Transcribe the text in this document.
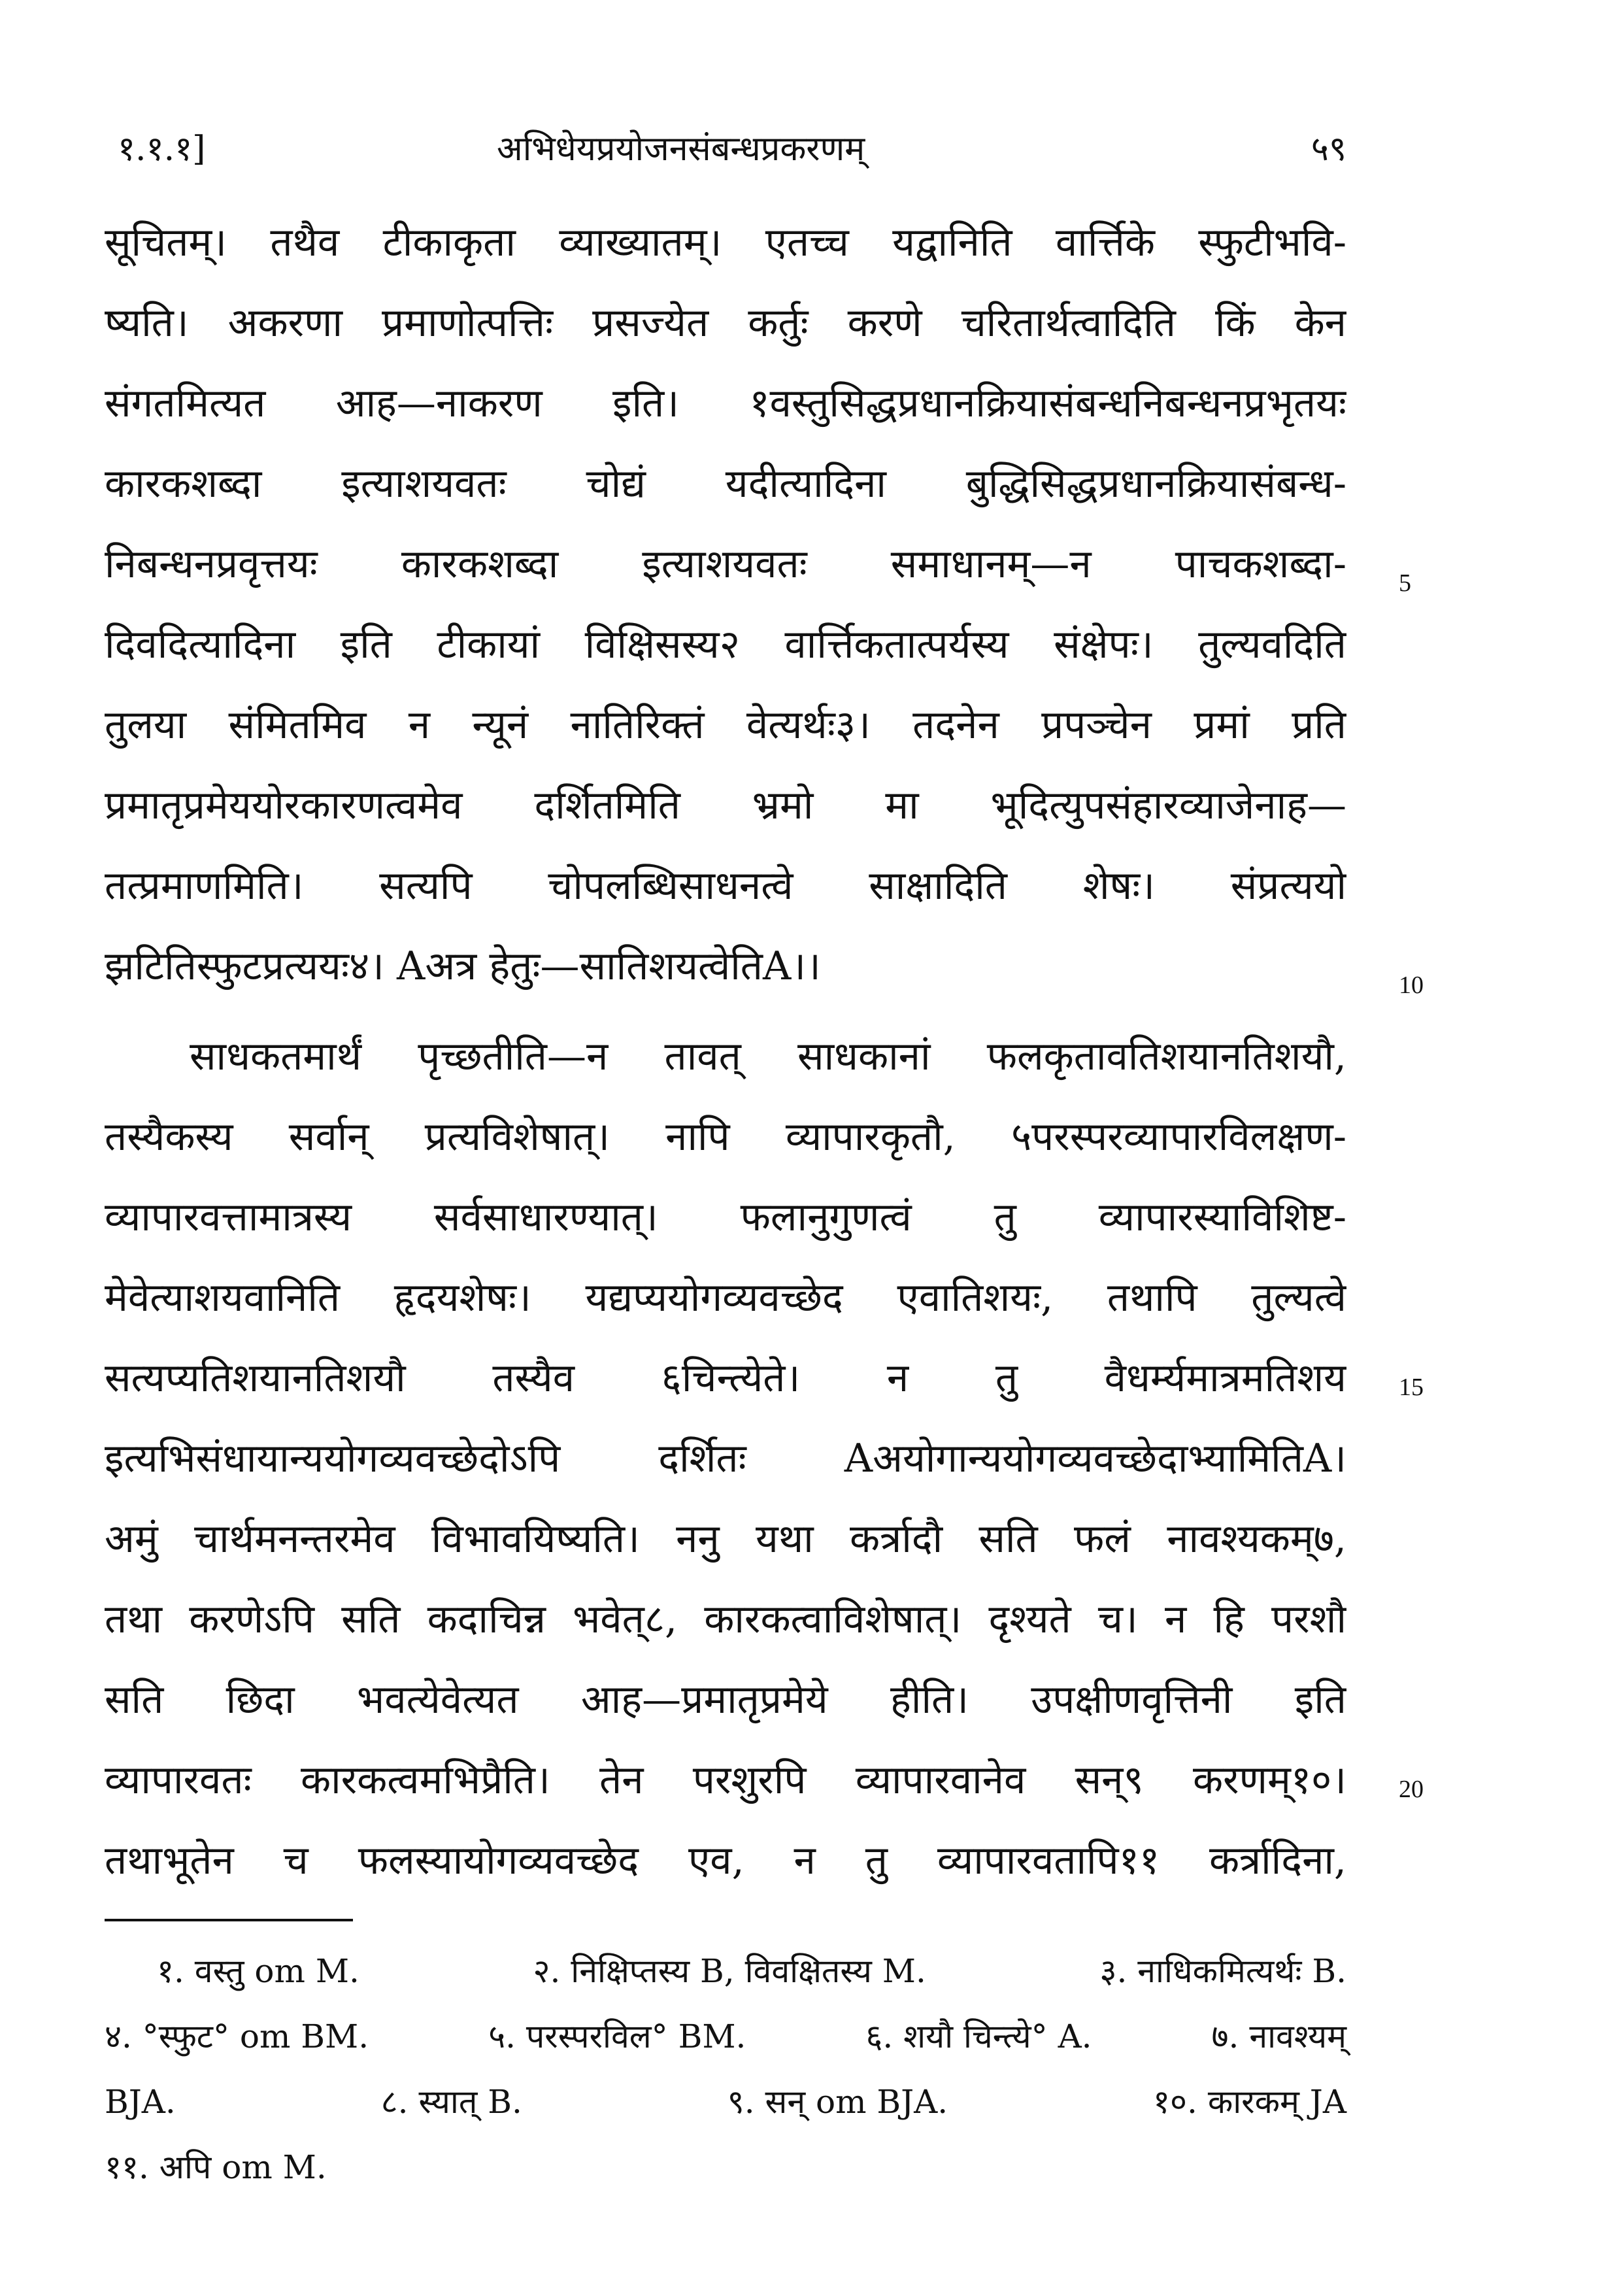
१.१.१]	अभिधेयप्रयोजनसंबन्धप्रकरणम्	५९
सूचितम्। तथैव टीकाकृता व्याख्यातम्। एतच्च यद्वानिति वार्त्तिके स्फुटीभवि-
ष्यति। अकरणा प्रमाणोत्पत्तिः प्रसज्येत कर्तुः करणे चरितार्थत्वादिति किं केन
संगतमित्यत आह—नाकरण इति। १वस्तुसिद्धप्रधानक्रियासंबन्धनिबन्धनप्रभृतयः
कारकशब्दा इत्याशयवतः चोद्यं यदीत्यादिना बुद्धिसिद्धप्रधानक्रियासंबन्ध-
निबन्धनप्रवृत्तयः कारकशब्दा इत्याशयवतः समाधानम्—न पाचकशब्दा-
दिवदित्यादिना इति टीकायां विक्षिसस्य२ वार्त्तिकतात्पर्यस्य संक्षेपः। तुल्यवदिति
तुलया संमितमिव न न्यूनं नातिरिक्तं वेत्यर्थः३। तदनेन प्रपञ्चेन प्रमां प्रति
प्रमातृप्रमेययोरकारणत्वमेव दर्शितमिति भ्रमो मा भूदित्युपसंहारव्याजेनाह—
तत्प्रमाणमिति। सत्यपि चोपलब्धिसाधनत्वे साक्षादिति शेषः। संप्रत्ययो
झटितिस्फुटप्रत्ययः४। Aअत्र हेतुः—सातिशयत्वेतिA।।
साधकतमार्थं पृच्छतीति—न तावत् साधकानां फलकृतावतिशयानतिशयौ,
तस्यैकस्य सर्वान् प्रत्यविशेषात्। नापि व्यापारकृतौ, ५परस्परव्यापारविलक्षण-
व्यापारवत्तामात्रस्य सर्वसाधारण्यात्। फलानुगुणत्वं तु व्यापारस्याविशिष्ट-
मेवेत्याशयवानिति हृदयशेषः। यद्यप्ययोगव्यवच्छेद एवातिशयः, तथापि तुल्यत्वे
सत्यप्यतिशयानतिशयौ तस्यैव ६चिन्त्येते। न तु वैधर्म्यमात्रमतिशय
इत्यभिसंधायान्ययोगव्यवच्छेदोऽपि दर्शितः Aअयोगान्ययोगव्यवच्छेदाभ्यामितिA।
अमुं चार्थमनन्तरमेव विभावयिष्यति। ननु यथा कर्त्रादौ सति फलं नावश्यकम्७,
तथा करणेऽपि सति कदाचिन्न भवेत्८, कारकत्वाविशेषात्। दृश्यते च। न हि परशौ
सति छिदा भवत्येवेत्यत आह—प्रमातृप्रमेये हीति। उपक्षीणवृत्तिनी इति
व्यापारवतः कारकत्वमभिप्रैति। तेन परशुरपि व्यापारवानेव सन्९ करणम्१०।
तथाभूतेन च फलस्यायोगव्यवच्छेद एव, न तु व्यापारवतापि११ कर्त्रादिना,
5
10
15
20
१. वस्तु om M.	२. निक्षिप्तस्य B, विवक्षितस्य M.	३. नाधिकमित्यर्थः B.
४. °स्फुट° om BM.	५. परस्परविल° BM.	६. शयौ चिन्त्ये° A.	७. नावश्यम्
BJA.	८. स्यात् B.	९. सन् om BJA.	१०. कारकम् JA
११. अपि om M.
